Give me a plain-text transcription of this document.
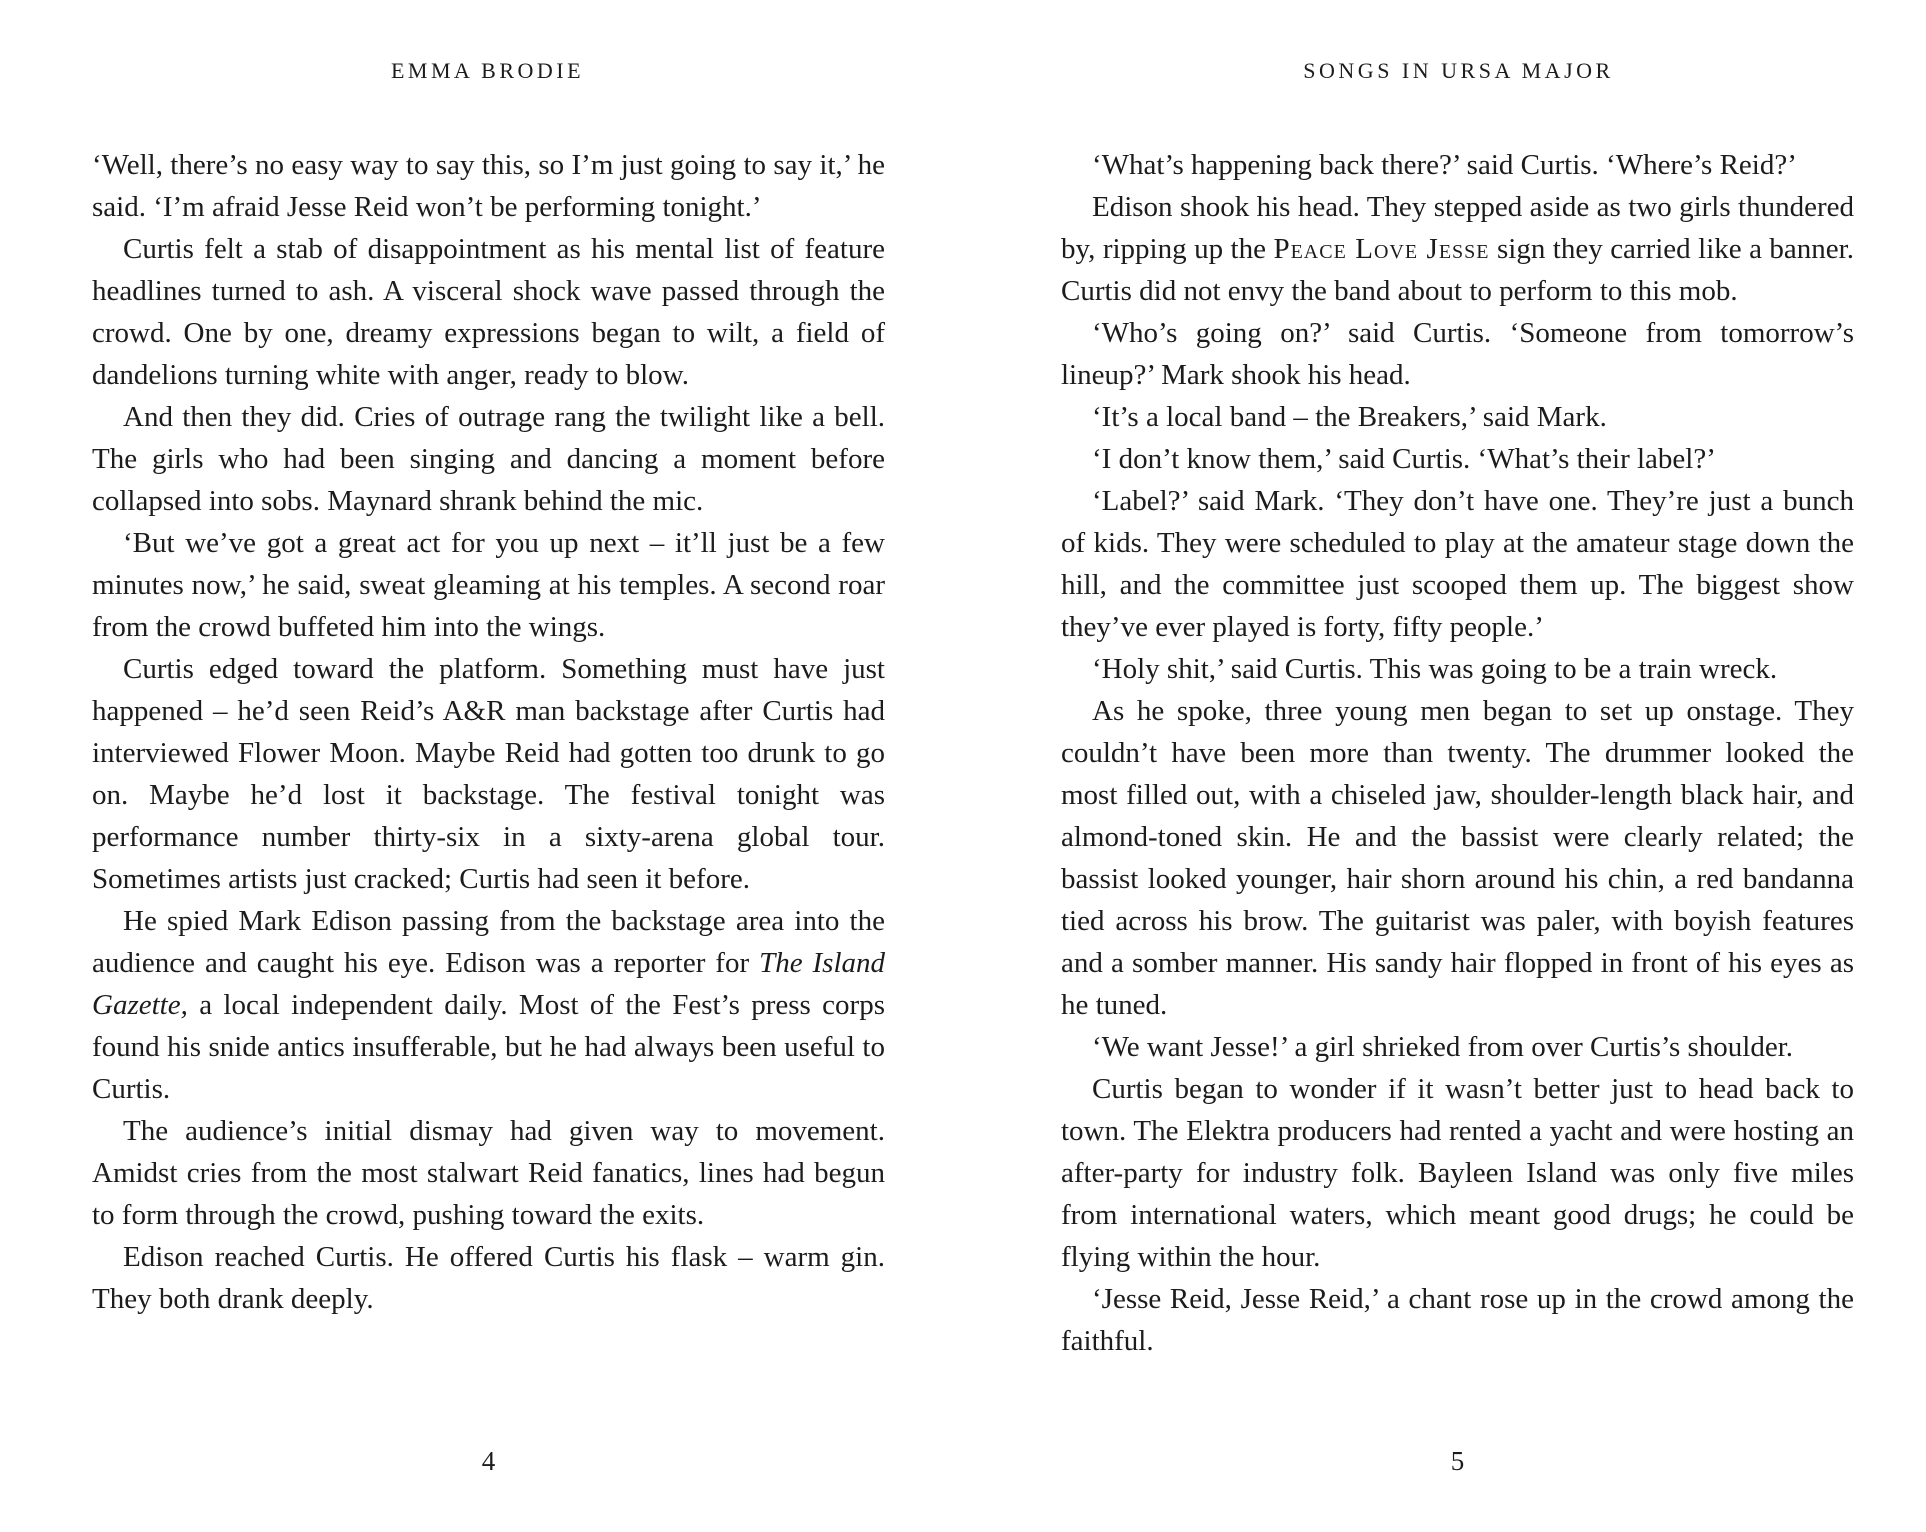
EMMA BRODIE

‘Well, there’s no easy way to say this, so I’m just going to say it,’ he said. ‘I’m afraid Jesse Reid won’t be performing tonight.’

Curtis felt a stab of disappointment as his mental list of feature headlines turned to ash. A visceral shock wave passed through the crowd. One by one, dreamy expressions began to wilt, a field of dandelions turning white with anger, ready to blow.

And then they did. Cries of outrage rang the twilight like a bell. The girls who had been singing and dancing a moment before collapsed into sobs. Maynard shrank behind the mic.

‘But we’ve got a great act for you up next – it’ll just be a few minutes now,’ he said, sweat gleaming at his temples. A second roar from the crowd buffeted him into the wings.

Curtis edged toward the platform. Something must have just happened – he’d seen Reid’s A&R man backstage after Curtis had interviewed Flower Moon. Maybe Reid had gotten too drunk to go on. Maybe he’d lost it backstage. The festival tonight was performance number thirty-six in a sixty-arena global tour. Sometimes artists just cracked; Curtis had seen it before.

He spied Mark Edison passing from the backstage area into the audience and caught his eye. Edison was a reporter for The Island Gazette, a local independent daily. Most of the Fest’s press corps found his snide antics insufferable, but he had always been useful to Curtis.

The audience’s initial dismay had given way to movement. Amidst cries from the most stalwart Reid fanatics, lines had begun to form through the crowd, pushing toward the exits.

Edison reached Curtis. He offered Curtis his flask – warm gin. They both drank deeply.

4
SONGS IN URSA MAJOR

‘What’s happening back there?’ said Curtis. ‘Where’s Reid?’

Edison shook his head. They stepped aside as two girls thundered by, ripping up the Peace Love Jesse sign they carried like a banner. Curtis did not envy the band about to perform to this mob.

‘Who’s going on?’ said Curtis. ‘Someone from tomorrow’s lineup?’ Mark shook his head.

‘It’s a local band – the Breakers,’ said Mark.

‘I don’t know them,’ said Curtis. ‘What’s their label?’

‘Label?’ said Mark. ‘They don’t have one. They’re just a bunch of kids. They were scheduled to play at the amateur stage down the hill, and the committee just scooped them up. The biggest show they’ve ever played is forty, fifty people.’

‘Holy shit,’ said Curtis. This was going to be a train wreck.

As he spoke, three young men began to set up onstage. They couldn’t have been more than twenty. The drummer looked the most filled out, with a chiseled jaw, shoulder-length black hair, and almond-toned skin. He and the bassist were clearly related; the bassist looked younger, hair shorn around his chin, a red bandanna tied across his brow. The guitarist was paler, with boyish features and a somber manner. His sandy hair flopped in front of his eyes as he tuned.

‘We want Jesse!’ a girl shrieked from over Curtis’s shoulder.

Curtis began to wonder if it wasn’t better just to head back to town. The Elektra producers had rented a yacht and were hosting an after-party for industry folk. Bayleen Island was only five miles from international waters, which meant good drugs; he could be flying within the hour.

‘Jesse Reid, Jesse Reid,’ a chant rose up in the crowd among the faithful.

5
